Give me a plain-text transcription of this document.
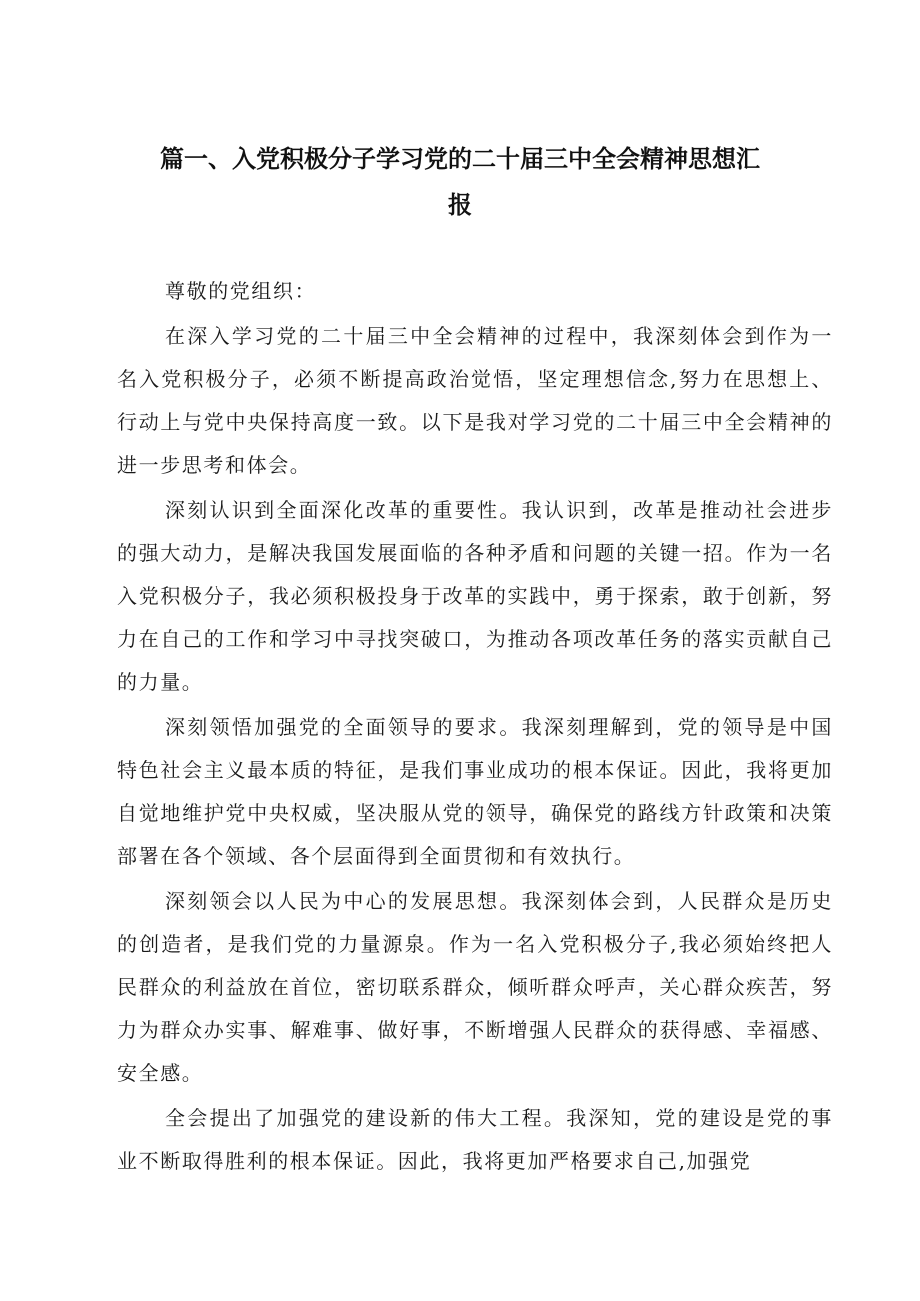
篇一、入党积极分子学习党的二十届三中全会精神思想汇
报

尊敬的党组织：

在深入学习党的二十届三中全会精神的过程中，我深刻体会到作为一名入党积极分子，必须不断提高政治觉悟，坚定理想信念,努力在思想上、行动上与党中央保持高度一致。以下是我对学习党的二十届三中全会精神的进一步思考和体会。

深刻认识到全面深化改革的重要性。我认识到，改革是推动社会进步的强大动力，是解决我国发展面临的各种矛盾和问题的关键一招。作为一名入党积极分子，我必须积极投身于改革的实践中，勇于探索，敢于创新，努力在自己的工作和学习中寻找突破口，为推动各项改革任务的落实贡献自己的力量。

深刻领悟加强党的全面领导的要求。我深刻理解到，党的领导是中国特色社会主义最本质的特征，是我们事业成功的根本保证。因此，我将更加自觉地维护党中央权威，坚决服从党的领导，确保党的路线方针政策和决策部署在各个领域、各个层面得到全面贯彻和有效执行。

深刻领会以人民为中心的发展思想。我深刻体会到，人民群众是历史的创造者，是我们党的力量源泉。作为一名入党积极分子,我必须始终把人民群众的利益放在首位，密切联系群众，倾听群众呼声，关心群众疾苦，努力为群众办实事、解难事、做好事，不断增强人民群众的获得感、幸福感、安全感。

全会提出了加强党的建设新的伟大工程。我深知，党的建设是党的事业不断取得胜利的根本保证。因此，我将更加严格要求自己,加强党
